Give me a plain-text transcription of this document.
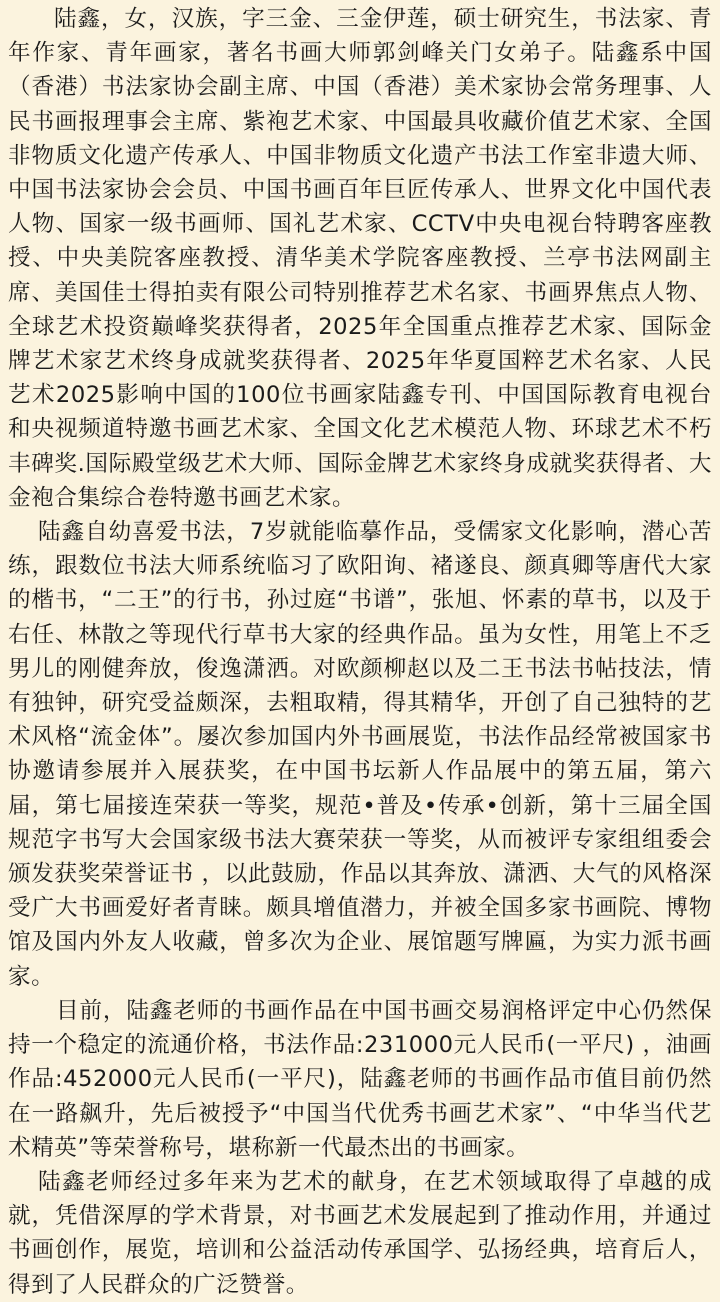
陆鑫，女，汉族，字三金、三金伊莲，硕士研究生，书法家、青年作家、青年画家，著名书画大师郭剑峰关门女弟子。陆鑫系中国（香港）书法家协会副主席、中国（香港）美术家协会常务理事、人民书画报理事会主席、紫袍艺术家、中国最具收藏价值艺术家、全国非物质文化遗产传承人、中国非物质文化遗产书法工作室非遗大师、中国书法家协会会员、中国书画百年巨匠传承人、世界文化中国代表人物、国家一级书画师、国礼艺术家、CCTV中央电视台特聘客座教授、中央美院客座教授、清华美术学院客座教授、兰亭书法网副主席、美国佳士得拍卖有限公司特别推荐艺术名家、书画界焦点人物、全球艺术投资巅峰奖获得者，2025年全国重点推荐艺术家、国际金牌艺术家艺术终身成就奖获得者、2025年华夏国粹艺术名家、人民艺术2025影响中国的100位书画家陆鑫专刊、中国国际教育电视台和央视频道特邀书画艺术家、全国文化艺术模范人物、环球艺术不朽丰碑奖.国际殿堂级艺术大师、国际金牌艺术家终身成就奖获得者、大金袍合集综合卷特邀书画艺术家。

陆鑫自幼喜爱书法，7岁就能临摹作品，受儒家文化影响，潜心苦练，跟数位书法大师系统临习了欧阳询、褚遂良、颜真卿等唐代大家的楷书，“二王”的行书，孙过庭“书谱”，张旭、怀素的草书，以及于右任、林散之等现代行草书大家的经典作品。虽为女性，用笔上不乏男儿的刚健奔放，俊逸潇洒。对欧颜柳赵以及二王书法书帖技法，情有独钟，研究受益颇深，去粗取精，得其精华，开创了自己独特的艺术风格“流金体”。屡次参加国内外书画展览，书法作品经常被国家书协邀请参展并入展获奖，在中国书坛新人作品展中的第五届，第六届，第七届接连荣获一等奖，规范•普及•传承•创新，第十三届全国规范字书写大会国家级书法大赛荣获一等奖，从而被评专家组组委会颁发获奖荣誉证书 ，以此鼓励，作品以其奔放、潇洒、大气的风格深受广大书画爱好者青睐。颇具增值潜力，并被全国多家书画院、博物馆及国内外友人收藏，曾多次为企业、展馆题写牌匾，为实力派书画家。

目前，陆鑫老师的书画作品在中国书画交易润格评定中心仍然保持一个稳定的流通价格，书法作品:231000元人民币(一平尺) ，油画作品:452000元人民币(一平尺)，陆鑫老师的书画作品市值目前仍然在一路飙升，先后被授予“中国当代优秀书画艺术家”、“中华当代艺术精英”等荣誉称号，堪称新一代最杰出的书画家。

陆鑫老师经过多年来为艺术的献身，在艺术领域取得了卓越的成就，凭借深厚的学术背景，对书画艺术发展起到了推动作用，并通过书画创作，展览，培训和公益活动传承国学、弘扬经典，培育后人，得到了人民群众的广泛赞誉。
